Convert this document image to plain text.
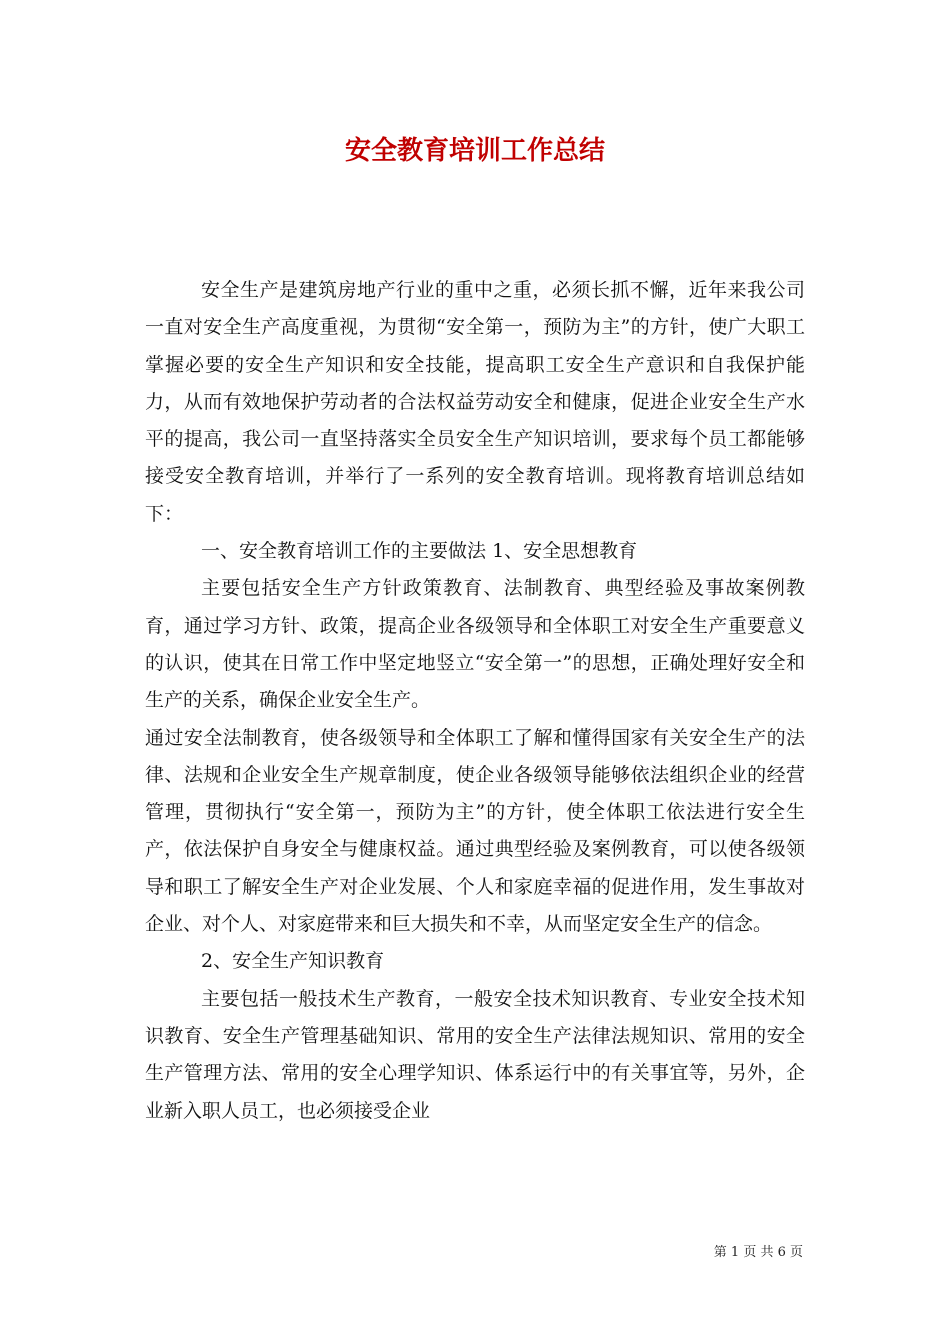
安全教育培训工作总结

安全生产是建筑房地产行业的重中之重，必须长抓不懈，近年来我公司一直对安全生产高度重视，为贯彻“安全第一，预防为主”的方针，使广大职工掌握必要的安全生产知识和安全技能，提高职工安全生产意识和自我保护能力，从而有效地保护劳动者的合法权益劳动安全和健康，促进企业安全生产水平的提高，我公司一直坚持落实全员安全生产知识培训，要求每个员工都能够接受安全教育培训，并举行了一系列的安全教育培训。现将教育培训总结如下：

一、安全教育培训工作的主要做法 1、安全思想教育

主要包括安全生产方针政策教育、法制教育、典型经验及事故案例教育，通过学习方针、政策，提高企业各级领导和全体职工对安全生产重要意义的认识，使其在日常工作中坚定地竖立“安全第一”的思想，正确处理好安全和生产的关系，确保企业安全生产。

通过安全法制教育，使各级领导和全体职工了解和懂得国家有关安全生产的法律、法规和企业安全生产规章制度，使企业各级领导能够依法组织企业的经营管理，贯彻执行“安全第一，预防为主”的方针，使全体职工依法进行安全生产，依法保护自身安全与健康权益。通过典型经验及案例教育，可以使各级领导和职工了解安全生产对企业发展、个人和家庭幸福的促进作用，发生事故对企业、对个人、对家庭带来和巨大损失和不幸，从而坚定安全生产的信念。

2、安全生产知识教育

主要包括一般技术生产教育，一般安全技术知识教育、专业安全技术知识教育、安全生产管理基础知识、常用的安全生产法律法规知识、常用的安全生产管理方法、常用的安全心理学知识、体系运行中的有关事宜等，另外，企业新入职人员工，也必须接受企业

第 1 页 共 6 页
